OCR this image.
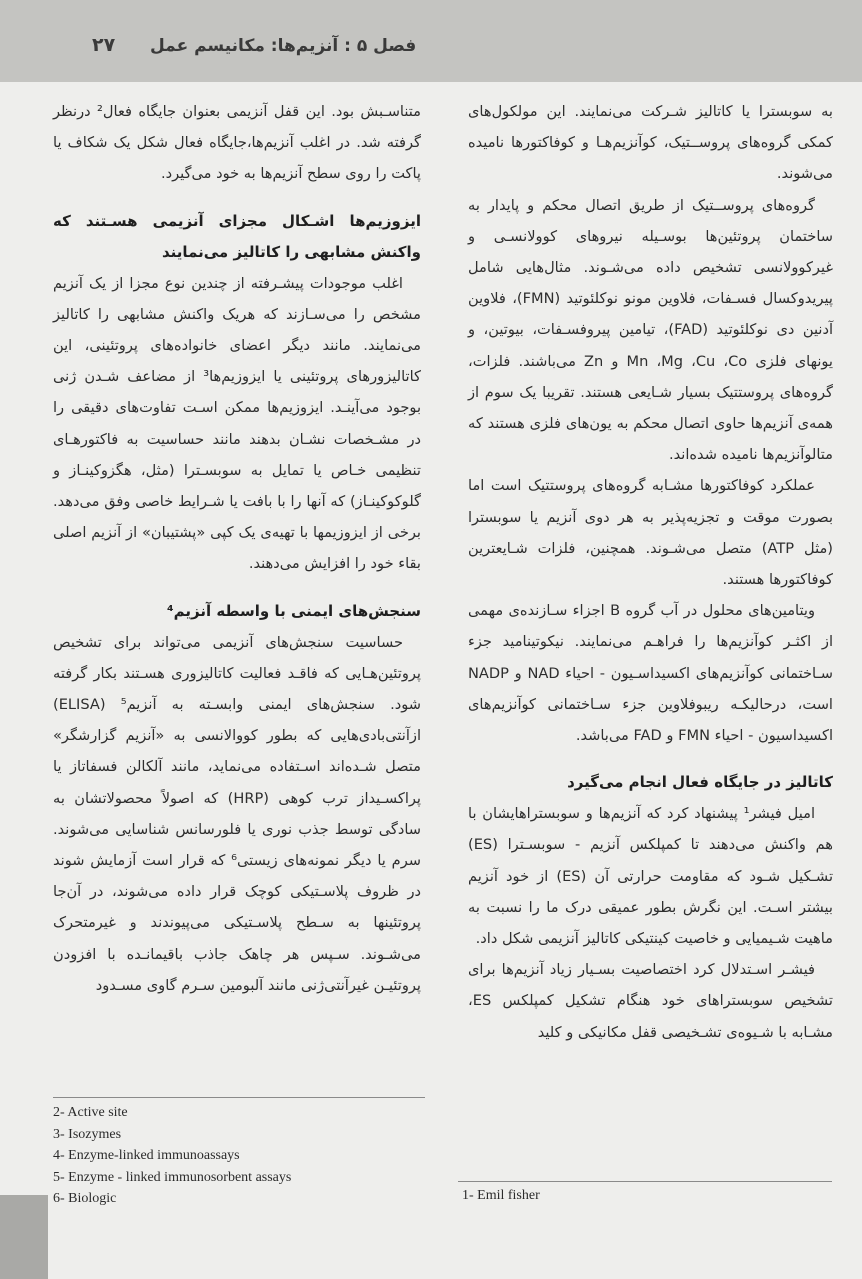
۲۷ فصل ۵ : آنزیم‌ها: مکانیسم عمل

به سوبسترا یا کاتالیز شـرکت می‌نمایند. این مولکول‌های کمکی گروه‌های پروســتیک، کوآنزیم‌هـا و کوفاکتورها نامیده می‌شوند.

گروه‌های پروســتیک از طریق اتصال محکم و پایدار به ساختمان پروتئین‌ها بوسـیله نیروهای کوولانسـی و غیرکوولانسی تشخیص داده می‌شـوند. مثال‌هایی شامل پیریدوکسال فسـفات، فلاوین مونو نوکلئوتید (FMN)، فلاوین آدنین دی نوکلئوتید (FAD)، تیامین پیروفسـفات، بیوتین، و یونهای فلزی Mn ،Mg ،Cu ،Co و Zn می‌باشند. فلزات، گروه‌های پروستتیک بسیار شـایعی هستند. تقریبا یک سوم از همه‌ی آنزیم‌ها حاوی اتصال محکم به یون‌های فلزی هستند که متالوآنزیم‌ها نامیده شده‌اند.

عملکرد کوفاکتورها مشـابه گروه‌های پروستتیک است اما بصورت موقت و تجزیه‌پذیر به هر دوی آنزیم یا سوبسترا (مثل ATP) متصل می‌شـوند. همچنین، فلزات شـایعترین کوفاکتورها هستند.

ویتامین‌های محلول در آب گروه B اجزاء سـازنده‌ی مهمی از اکثـر کوآنزیم‌ها را فراهـم می‌نمایند. نیکوتینامید جزء سـاختمانی کوآنزیم‌های اکسیداسـیون - احیاء NAD و NADP است، درحالیکـه ریبوفلاوین جزء سـاختمانی کوآنزیم‌های اکسیداسیون - احیاء FMN و FAD می‌باشد.

کاتالیز در جایگاه فعال انجام می‌گیرد

امیل فیشر¹ پیشنهاد کرد که آنزیم‌ها و سوبستراهایشان با هم واکنش می‌دهند تا کمپلکس آنزیم - سوبسـترا (ES) تشـکیل شـود که مقاومت حرارتی آن (ES) از خود آنزیم بیشتر اسـت. این نگرش بطور عمیقی درک ما را نسبت به ماهیت شـیمیایی و خاصیت کینتیکی کاتالیز آنزیمی شکل داد.

فیشـر اسـتدلال کرد اختصاصیت بسـیار زیاد آنزیم‌ها برای تشخیص سوبستراهای خود هنگام تشکیل کمپلکس ES، مشـابه با شـیوه‌ی تشـخیصی قفل مکانیکی و کلید

متناسـبش بود. این قفل آنزیمی بعنوان جایگاه فعال² درنظر گرفته شد. در اغلب آنزیم‌ها،جایگاه فعال شکل یک شکاف یا پاکت را روی سطح آنزیم‌ها به خود می‌گیرد.

ایزوزیم‌ها اشـکال مجزای آنزیمی هسـتند که واکنش مشابهی را کاتالیز می‌نمایند

اغلب موجودات پیشـرفته از چندین نوع مجزا از یک آنزیم مشخص را می‌سـازند که هریک واکنش مشابهی را کاتالیز می‌نمایند. مانند دیگر اعضای خانواده‌های پروتئینی، این کاتالیزورهای پروتئینی یا ایزوزیم‌ها³ از مضاعف شـدن ژنی بوجود می‌آینـد. ایزوزیم‌ها ممکن اسـت تفاوت‌های دقیقی را در مشـخصات نشـان بدهند مانند حساسیت به فاکتورهـای تنظیمی خـاص یا تمایل به سوبسـترا (مثل، هگزوکینـاز و گلوکوکینـاز) که آنها را با بافت یا شـرایط خاصی وفق می‌دهد. برخی از ایزوزیمها با تهیه‌ی یک کپی «پشتیبان» از آنزیم اصلی بقاء خود را افزایش می‌دهند.

سنجش‌های ایمنی با واسطه آنزیم⁴

حساسیت سنجش‌های آنزیمی می‌تواند برای تشخیص پروتئین‌هـایی که فاقـد فعالیت کاتالیزوری هسـتند بکار گرفته شود. سنجش‌های ایمنی وابسـته به آنزیم⁵ (ELISA) ازآنتی‌بادی‌هایی که بطور کووالانسی به «آنزیم گزارشگر» متصل شـده‌اند اسـتفاده می‌نماید، مانند آلکالن فسفاتاز یا پراکسـیداز ترب کوهی (HRP) که اصولاً محصولاتشان به سادگی توسط جذب نوری یا فلورسانس شناسایی می‌شوند. سرم یا دیگر نمونه‌های زیستی⁶ که قرار است آزمایش شوند در ظروف پلاسـتیکی کوچک قرار داده می‌شوند، در آن‌جا پروتئینها به سـطح پلاسـتیکی می‌پیوندند و غیرمتحرک می‌شـوند. سـپس هر چاهک جاذب باقیمانـده با افزودن پروتئیـن غیرآنتی‌ژنی مانند آلبومین سـرم گاوی مسـدود

2- Active site
3- Isozymes
4- Enzyme-linked immunoassays
5- Enzyme - linked immunosorbent assays
6- Biologic	1- Emil fisher
